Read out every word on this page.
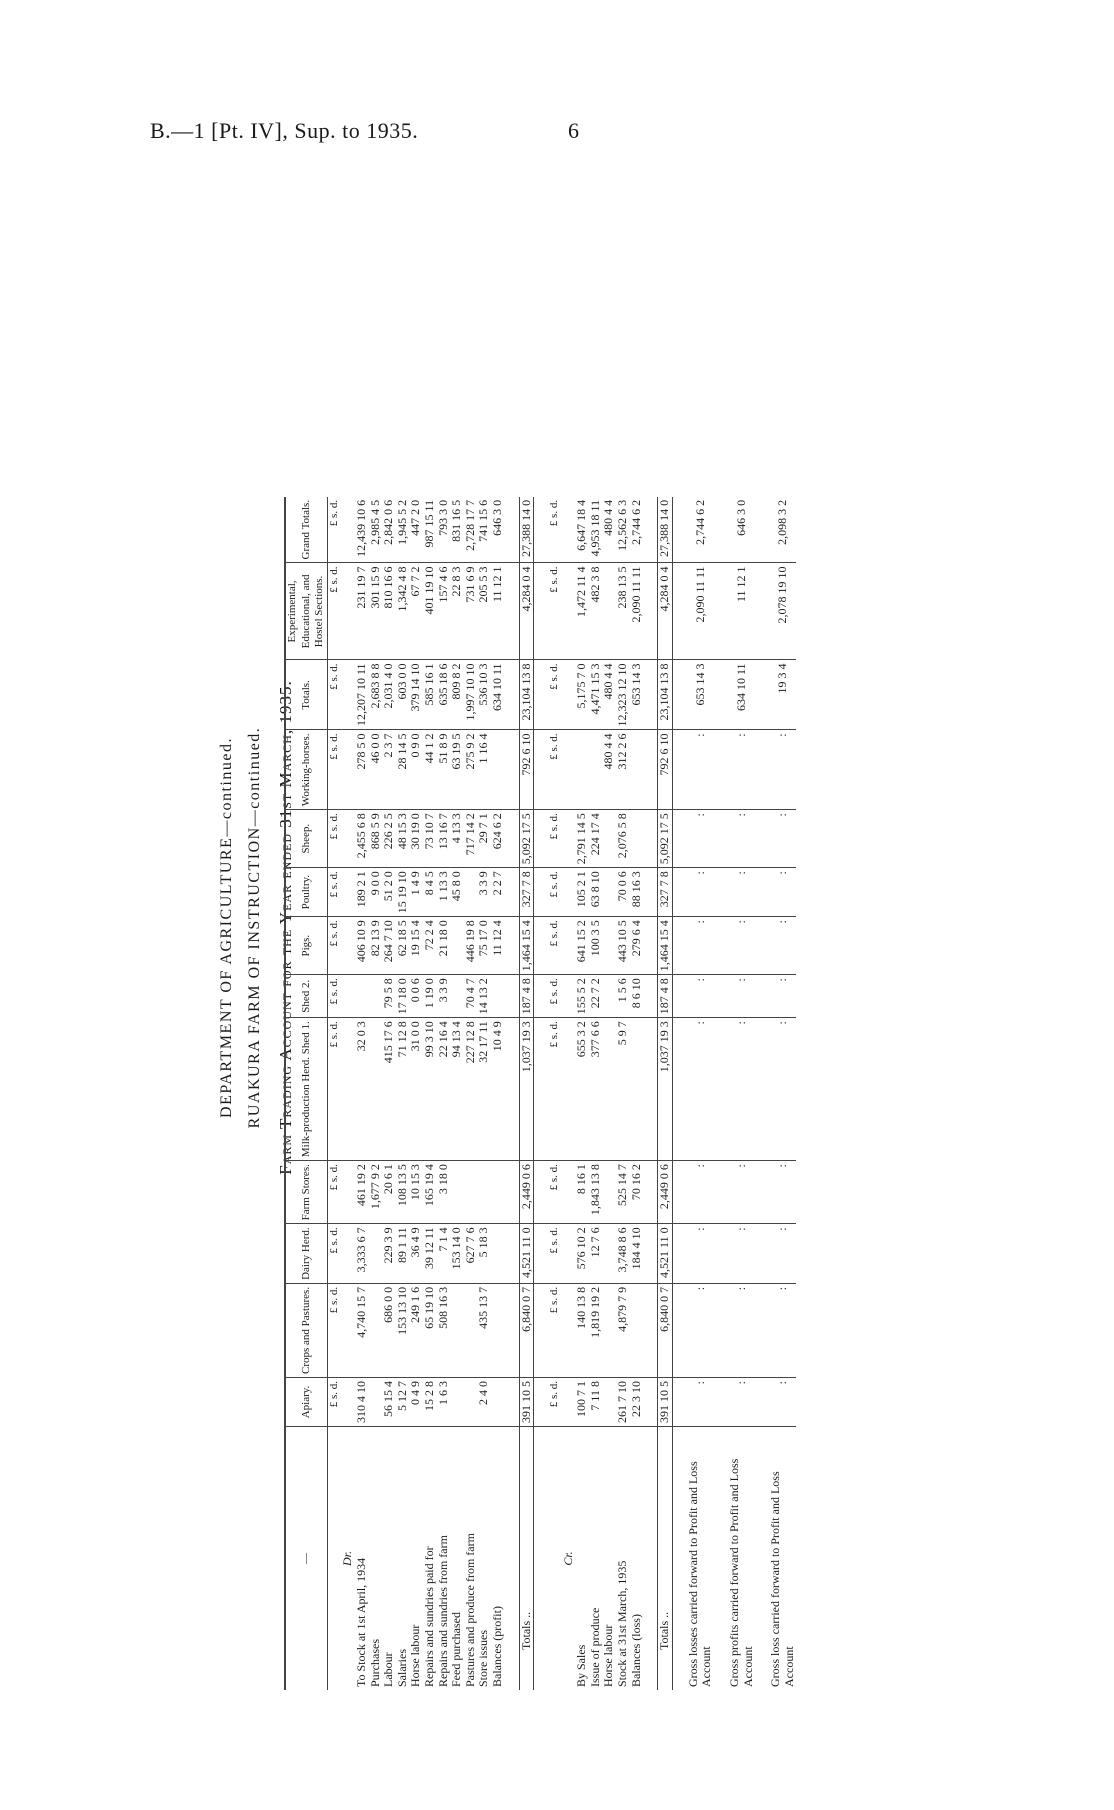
B.—1 [Pt. IV], Sup. to 1935.	6
DEPARTMENT OF AGRICULTURE—continued. RUAKURA FARM OF INSTRUCTION—continued. Farm Trading Account for the Year ended 31st March, 1935.
—	Apiary.	Crops and Pastures.	Dairy Herd.	Farm Stores.	Milk-production Herd. Shed 1.	Shed 2.	Pigs.	Poultry.	Sheep.	Working-horses.	Totals.	Experimental, Educational, and Hostel Sections.	Grand Totals.
	£ s. d.	£ s. d.	£ s. d.	£ s. d.	£ s. d.	£ s. d.	£ s. d.	£ s. d.	£ s. d.	£ s. d.	£ s. d.	£ s. d.	£ s. d.
Dr.													
To Stock at 1st April, 1934	310 4 10	4,740 15 7	3,333 6 7	461 19 2	32 0 3		406 10 9	189 2 1	2,455 6 8	278 5 0	12,207 10 11	231 19 7	12,439 10 6
Purchases				1,677 9 2			82 13 9	9 0 0	868 5 9	46 0 0	2,683 8 8	301 15 9	2,985 4 5
Labour	56 15 4	686 0 0	229 3 9	20 6 1	415 17 6	79 5 8	264 7 10	51 2 0	226 2 5	2 3 7	2,031 4 0	810 16 6	2,842 0 6
Salaries	5 12 7	153 13 10	89 1 11	108 13 5	71 12 8	17 18 0	62 18 5	15 19 10	48 15 3	28 14 5	603 0 0	1,342 4 8	1,945 5 2
Horse labour	0 4 9	249 1 6	36 4 9	10 15 3	31 0 0	0 0 6	19 15 4	1 4 9	30 19 0	0 9 0	379 14 10	67 7 2	447 2 0
Repairs and sundries paid for	15 2 8	65 19 10	39 12 11	165 19 4	99 3 10	1 19 0	72 2 4	8 4 5	73 10 7	44 1 2	585 16 1	401 19 10	987 15 11
Repairs and sundries from farm	1 6 3	508 16 3	7 1 4	3 18 0	22 16 4	3 3 9	21 18 0	1 13 3	13 16 7	51 8 9	635 18 6	157 4 6	793 3 0
Feed purchased			153 14 0		94 13 4			45 8 0	4 13 3	63 19 5	809 8 2	22 8 3	831 16 5
Pastures and produce from farm			627 7 6		227 12 8	70 4 7	446 19 8		717 14 2	275 9 2	1,997 10 10	731 6 9	2,728 17 7
Store issues	2 4 0	435 13 7	5 18 3		32 17 11	14 13 2	75 17 0	3 3 9	29 7 1	1 16 4	536 10 3	205 5 3	741 15 6
Balances (profit)					10 4 9		11 12 4	2 2 7	624 6 2		634 10 11	11 12 1	646 3 0

Totals ..	391 10 5	6,840 0 7	4,521 11 0	2,449 0 6	1,037 19 3	187 4 8	1,464 15 4	327 7 8	5,092 17 5	792 6 10	23,104 13 8	4,284 0 4	27,388 14 0

	£ s. d.	£ s. d.	£ s. d.	£ s. d.	£ s. d.	£ s. d.	£ s. d.	£ s. d.	£ s. d.	£ s. d.	£ s. d.	£ s. d.	£ s. d.
Cr.													
By Sales	100 7 1	140 13 8	576 10 2	8 16 1	655 3 2	155 5 2	641 15 2	105 2 1	2,791 14 5		5,175 7 0	1,472 11 4	6,647 18 4
Issue of produce	7 11 8	1,819 19 2	12 7 6	1,843 13 8	377 6 6	22 7 2	100 3 5	63 8 10	224 17 4		4,471 15 3	482 3 8	4,953 18 11
Horse labour										480 4 4	480 4 4		480 4 4
Stock at 31st March, 1935	261 7 10	4,879 7 9	3,748 8 6	525 14 7	5 9 7	1 5 6	443 10 5	70 0 6	2,076 5 8	312 2 6	12,323 12 10	238 13 5	12,562 6 3
Balances (loss)	22 3 10		184 4 10	70 16 2		8 6 10	279 6 4	88 16 3			653 14 3	2,090 11 11	2,744 6 2

Totals ..	391 10 5	6,840 0 7	4,521 11 0	2,449 0 6	1,037 19 3	187 4 8	1,464 15 4	327 7 8	5,092 17 5	792 6 10	23,104 13 8	4,284 0 4	27,388 14 0

Gross losses carried forward to Profit and Loss Account	:	:	:	:	:	:	:	:	:	:	653 14 3	2,090 11 11	2,744 6 2

Gross profits carried forward to Profit and Loss Account	:	:	:	:	:	:	:	:	:	:	634 10 11	11 12 1	646 3 0

Gross loss carried forward to Profit and Loss Account	:	:	:	:	:	:	:	:	:	:	19 3 4	2,078 19 10	2,098 3 2
